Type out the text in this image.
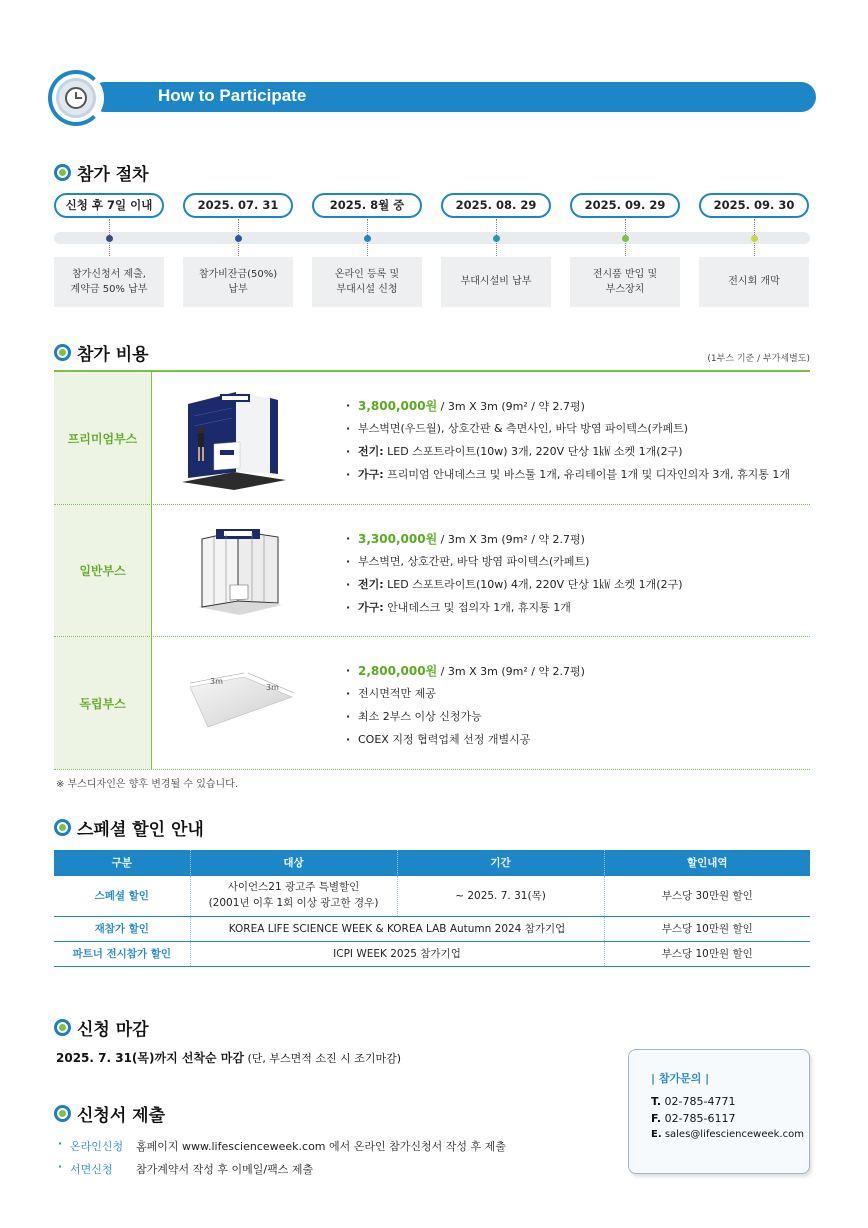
How to Participate
참가 절차
신청 후 7일 이내
참가신청서 제출,
계약금 50% 납부
2025. 07. 31
참가비잔금(50%)
납부
2025. 8월 중
온라인 등록 및
부대시설 신청
2025. 08. 29
부대시설비 납부
2025. 09. 29
전시품 반입 및
부스장치
2025. 09. 30
전시회 개막
참가 비용	(1부스 기준 / 부가세별도)
프리미엄부스
· 3,800,000원 / 3m X 3m (9m² / 약 2.7평)
· 부스벽면(우드월), 상호간판 & 측면사인, 바닥 방염 파이텍스(카페트)
· 전기: LED 스포트라이트(10w) 3개, 220V 단상 1㎾ 소켓 1개(2구)
· 가구: 프리미엄 안내데스크 및 바스툴 1개, 유리테이블 1개 및 디자인의자 3개, 휴지통 1개
일반부스
· 3,300,000원 / 3m X 3m (9m² / 약 2.7평)
· 부스벽면, 상호간판, 바닥 방염 파이텍스(카페트)
· 전기: LED 스포트라이트(10w) 4개, 220V 단상 1㎾ 소켓 1개(2구)
· 가구: 안내데스크 및 접의자 1개, 휴지통 1개
독립부스
3m
3m
· 2,800,000원 / 3m X 3m (9m² / 약 2.7평)
· 전시면적만 제공
· 최소 2부스 이상 신청가능
· COEX 지정 협력업체 선정 개별시공
※ 부스디자인은 향후 변경될 수 있습니다.
스페셜 할인 안내
구분	대상	기간	할인내역
스페셜 할인	사이언스21 광고주 특별할인
(2001년 이후 1회 이상 광고한 경우)	~ 2025. 7. 31(목)	부스당 30만원 할인
재참가 할인	KOREA LIFE SCIENCE WEEK & KOREA LAB Autumn 2024 참가기업		부스당 10만원 할인
파트너 전시참가 할인	ICPI WEEK 2025 참가기업		부스당 10만원 할인
신청 마감
2025. 7. 31(목)까지 선착순 마감 (단, 부스면적 소진 시 조기마감)
신청서 제출
· 온라인신청	홈페이지 www.lifescienceweek.com 에서 온라인 참가신청서 작성 후 제출
· 서면신청	참가계약서 작성 후 이메일/팩스 제출
| 참가문의 |
T. 02-785-4771
F. 02-785-6117
E. sales@lifescienceweek.com
